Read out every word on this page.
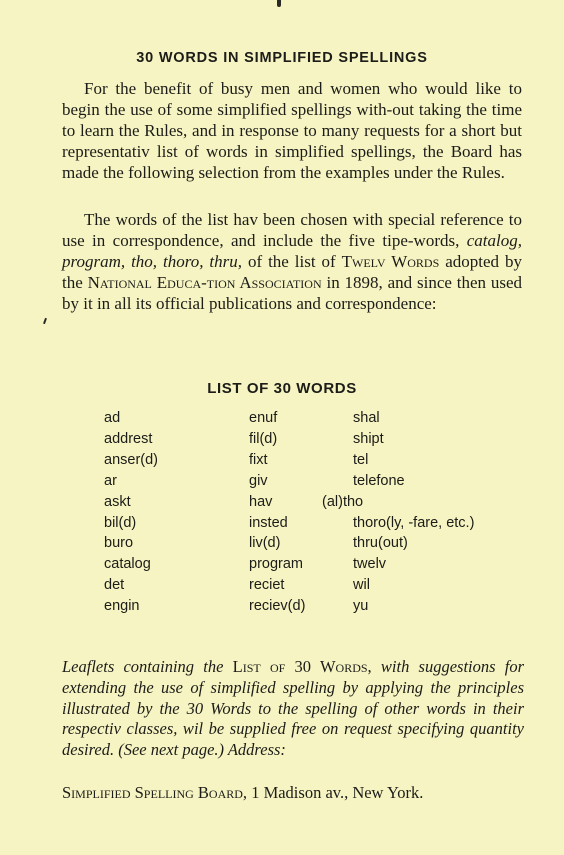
30 WORDS IN SIMPLIFIED SPELLINGS

For the benefit of busy men and women who would like to begin the use of some simplified spellings with-out taking the time to learn the Rules, and in response to many requests for a short but representativ list of words in simplified spellings, the Board has made the following selection from the examples under the Rules.

The words of the list hav been chosen with special reference to use in correspondence, and include the five tipe-words, catalog, program, tho, thoro, thru, of the list of Twelv Words adopted by the National Educa-tion Association in 1898, and since then used by it in all its official publications and correspondence:

LIST OF 30 WORDS
ad
addrest
anser(d)
ar
askt
bil(d)
buro
catalog
det
engin
enuf
fil(d)
fixt
giv
hav
insted
liv(d)
program
reciet
reciev(d)
shal
shipt
tel
telefone
(al)tho
thoro(ly, -fare, etc.)
thru(out)
twelv
wil
yu

Leaflets containing the List of 30 Words, with suggestions for extending the use of simplified spelling by applying the principles illustrated by the 30 Words to the spelling of other words in their respectiv classes, wil be supplied free on request specifying quantity desired. (See next page.) Address:

Simplified Spelling Board, 1 Madison av., New York.
